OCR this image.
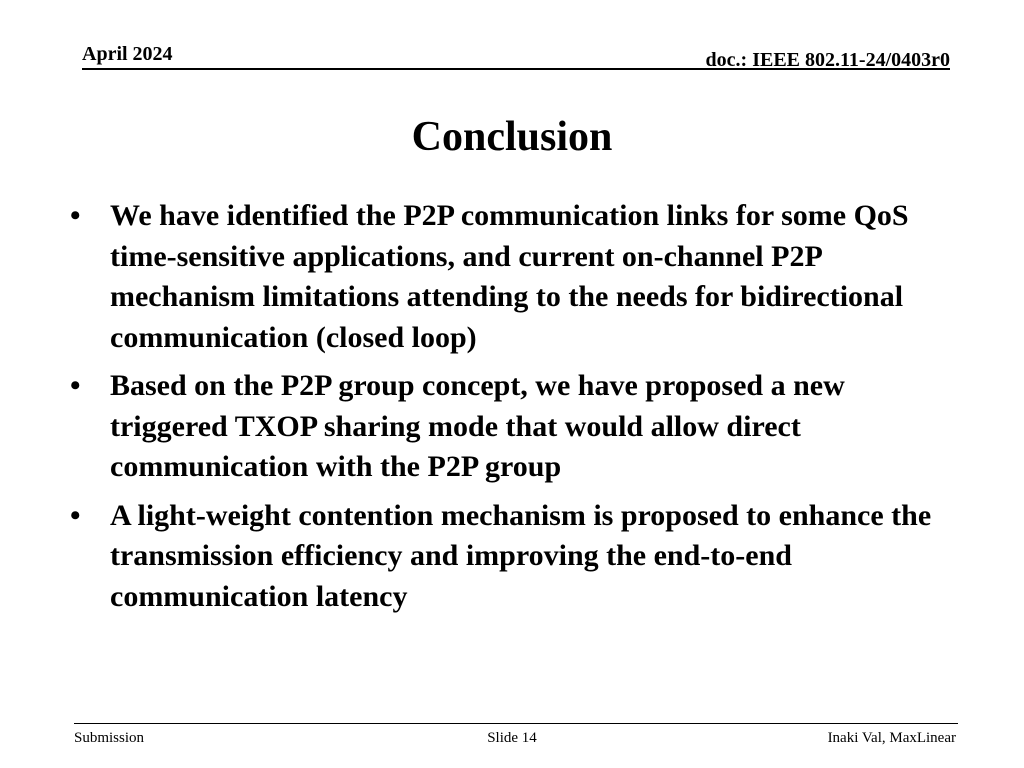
April 2024	doc.: IEEE 802.11-24/0403r0
Conclusion
• We have identified the P2P communication links for some QoS time-sensitive applications, and current on-channel P2P mechanism limitations attending to the needs for bidirectional communication (closed loop)
• Based on the P2P group concept, we have proposed a new triggered TXOP sharing mode that would allow direct communication with the P2P group
• A light-weight contention mechanism is proposed to enhance the transmission efficiency and improving the end-to-end communication latency
Submission	Slide 14	Inaki Val, MaxLinear
